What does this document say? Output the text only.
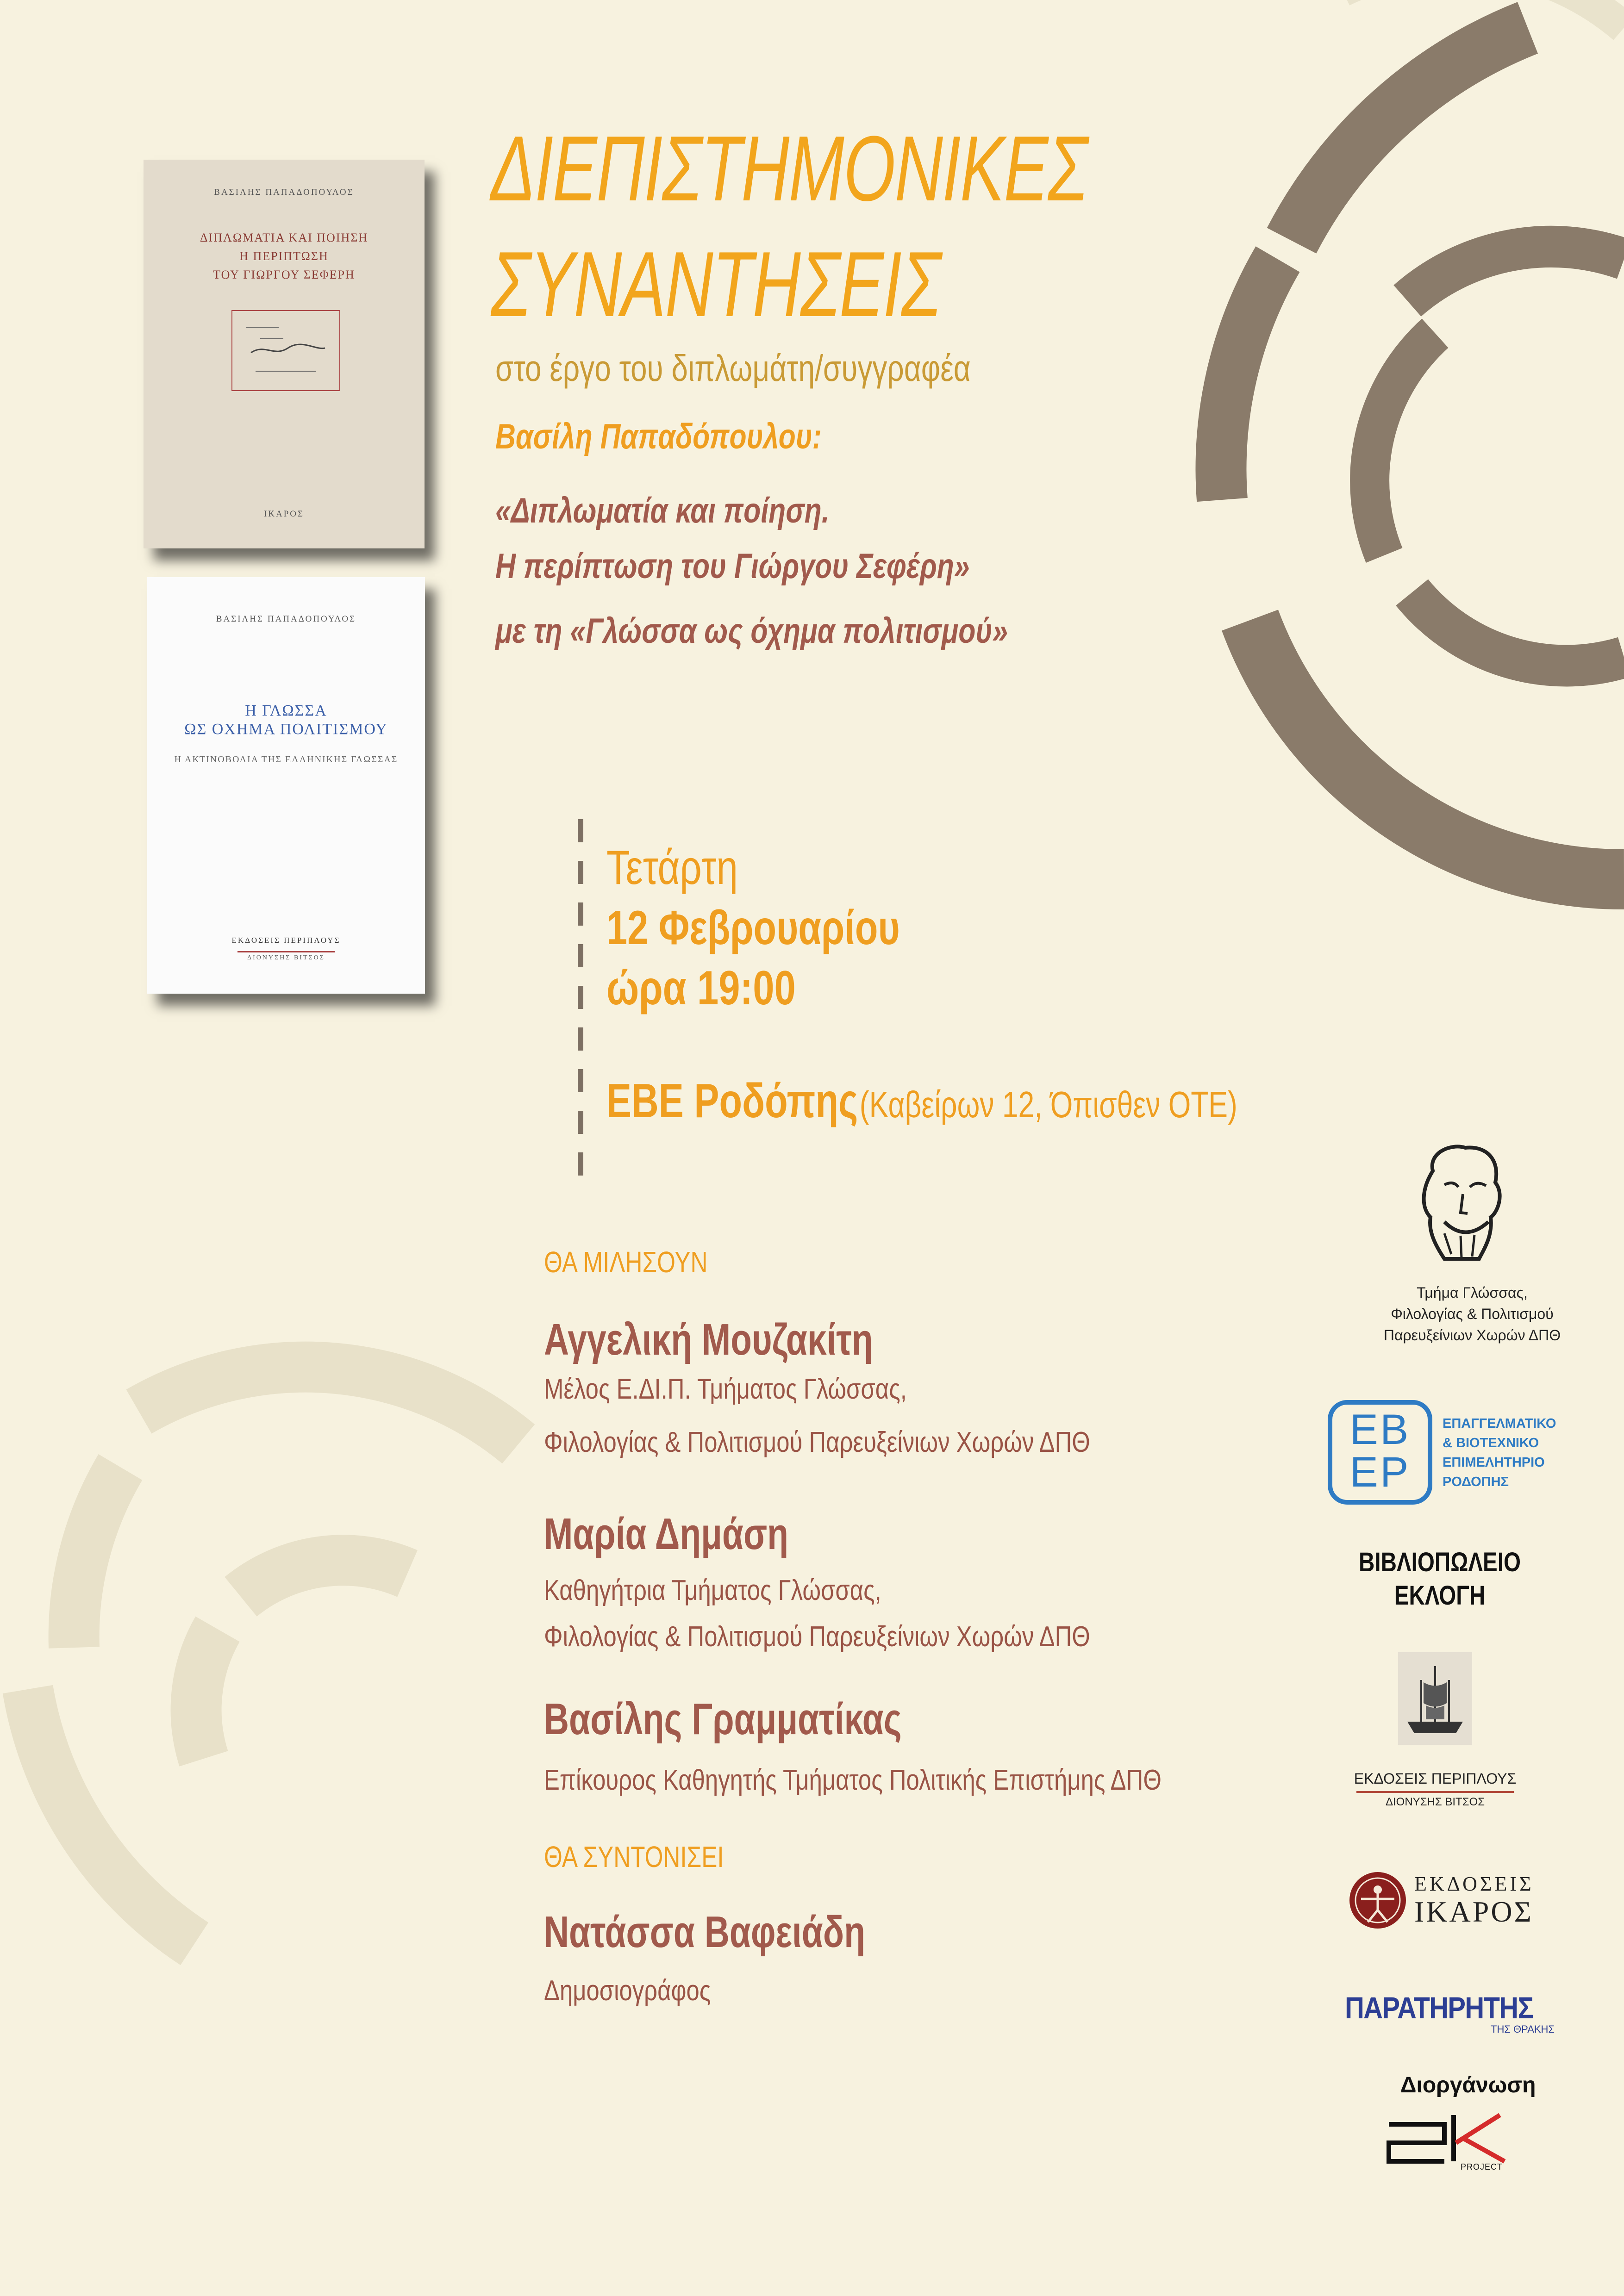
ΒΑΣΙΛΗΣ ΠΑΠΑΔΟΠΟΥΛΟΣ
ΔΙΠΛΩΜΑΤΙΑ ΚΑΙ ΠΟΙΗΣΗ
Η ΠΕΡΙΠΤΩΣΗ
ΤΟΥ ΓΙΩΡΓΟΥ ΣΕΦΕΡΗ
ΙΚΑΡΟΣ
ΒΑΣΙΛΗΣ ΠΑΠΑΔΟΠΟΥΛΟΣ
Η ΓΛΩΣΣΑ
ΩΣ ΟΧΗΜΑ ΠΟΛΙΤΙΣΜΟΥ
Η ΑΚΤΙΝΟΒΟΛΙΑ ΤΗΣ ΕΛΛΗΝΙΚΗΣ ΓΛΩΣΣΑΣ
ΕΚΔΟΣΕΙΣ ΠΕΡΙΠΛΟΥΣ
ΔΙΟΝΥΣΗΣ ΒΙΤΣΟΣ
ΔΙΕΠΙΣΤΗΜΟΝΙΚΕΣ
ΣΥΝΑΝΤΗΣΕΙΣ
στο έργο του διπλωμάτη/συγγραφέα
Βασίλη Παπαδόπουλου:
«Διπλωματία και ποίηση.
Η περίπτωση του Γιώργου Σεφέρη»
με τη «Γλώσσα ως όχημα πολιτισμού»
Τετάρτη
12 Φεβρουαρίου
ώρα 19:00
ΕΒΕ Ροδόπης (Καβείρων 12, Όπισθεν ΟΤΕ)
ΘΑ ΜΙΛΗΣΟΥΝ
Αγγελική Μουζακίτη
Μέλος Ε.ΔΙ.Π. Τμήματος Γλώσσας,
Φιλολογίας & Πολιτισμού Παρευξείνιων Χωρών ΔΠΘ
Μαρία Δημάση
Καθηγήτρια Τμήματος Γλώσσας,
Φιλολογίας & Πολιτισμού Παρευξείνιων Χωρών ΔΠΘ
Βασίλης Γραμματίκας
Επίκουρος Καθηγητής Τμήματος Πολιτικής Επιστήμης ΔΠΘ
ΘΑ ΣΥΝΤΟΝΙΣΕΙ
Νατάσσα Βαφειάδη
Δημοσιογράφος
Τμήμα Γλώσσας,
Φιλολογίας & Πολιτισμού
Παρευξείνιων Χωρών ΔΠΘ
ΕΒ
ΕΡ
ΕΠΑΓΓΕΛΜΑΤΙΚΟ
& ΒΙΟΤΕΧΝΙΚΟ
ΕΠΙΜΕΛΗΤΗΡΙΟ
ΡΟΔΟΠΗΣ
ΒΙΒΛΙΟΠΩΛΕΙΟ
ΕΚΛΟΓΗ
ΕΚΔΟΣΕΙΣ ΠΕΡΙΠΛΟΥΣ
ΔΙΟΝΥΣΗΣ ΒΙΤΣΟΣ
ΕΚΔΟΣΕΙΣ
ΙΚΑΡΟΣ
ΠΑΡΑΤΗΡΗΤΗΣ
ΤΗΣ ΘΡΑΚΗΣ
Διοργάνωση
PROJECT
